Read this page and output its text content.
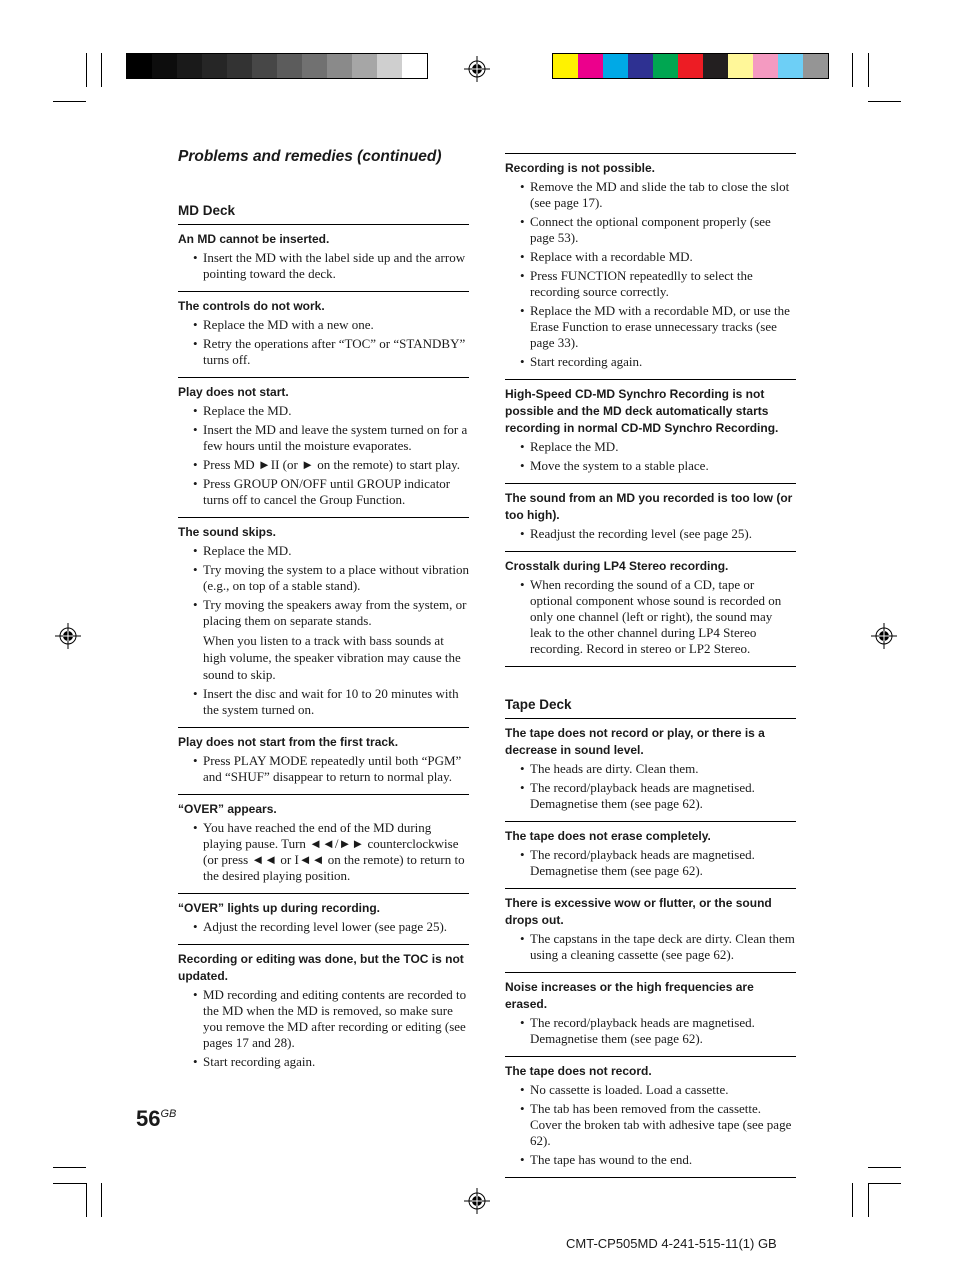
Problems and remedies (continued)
MD Deck
An MD cannot be inserted.
• Insert the MD with the label side up and the arrow pointing toward the deck.
The controls do not work.
• Replace the MD with a new one.
• Retry the operations after “TOC” or “STANDBY” turns off.
Play does not start.
• Replace the MD.
• Insert the MD and leave the system turned on for a few hours until the moisture evaporates.
• Press MD ►II (or ► on the remote) to start play.
• Press GROUP ON/OFF until GROUP indicator turns off to cancel the Group Function.
The sound skips.
• Replace the MD.
• Try moving the system to a place without vibration (e.g., on top of a stable stand).
• Try moving the speakers away from the system, or placing them on separate stands.
When you listen to a track with bass sounds at high volume, the speaker vibration may cause the sound to skip.
• Insert the disc and wait for 10 to 20 minutes with the system turned on.
Play does not start from the first track.
• Press PLAY MODE repeatedly until both “PGM” and “SHUF” disappear to return to normal play.
“OVER” appears.
• You have reached the end of the MD during playing pause. Turn ◄◄/►► counterclockwise (or press ◄◄ or I◄◄ on the remote) to return to the desired playing position.
“OVER” lights up during recording.
• Adjust the recording level lower (see page 25).
Recording or editing was done, but the TOC is not updated.
• MD recording and editing contents are recorded to the MD when the MD is removed, so make sure you remove the MD after recording or editing (see pages 17 and 28).
• Start recording again.
Recording is not possible.
• Remove the MD and slide the tab to close the slot (see page 17).
• Connect the optional component properly (see page 53).
• Replace with a recordable MD.
• Press FUNCTION repeatedlly to select the recording source correctly.
• Replace the MD with a recordable MD, or use the Erase Function to erase unnecessary tracks (see page 33).
• Start recording again.
High-Speed CD-MD Synchro Recording is not possible and the MD deck automatically starts recording in normal CD-MD Synchro Recording.
• Replace the MD.
• Move the system to a stable place.
The sound from an MD you recorded is too low (or too high).
• Readjust the recording level (see page 25).
Crosstalk during LP4 Stereo recording.
• When recording the sound of a CD, tape or optional component whose sound is recorded on only one channel (left or right), the sound may leak to the other channel during LP4 Stereo recording. Record in stereo or LP2 Stereo.
Tape Deck
The tape does not record or play, or there is a decrease in sound level.
• The heads are dirty. Clean them.
• The record/playback heads are magnetised. Demagnetise them (see page 62).
The tape does not erase completely.
• The record/playback heads are magnetised. Demagnetise them (see page 62).
There is excessive wow or flutter, or the sound drops out.
• The capstans in the tape deck are dirty. Clean them using a cleaning cassette (see page 62).
Noise increases or the high frequencies are erased.
• The record/playback heads are magnetised. Demagnetise them (see page 62).
The tape does not record.
• No cassette is loaded. Load a cassette.
• The tab has been removed from the cassette. Cover the broken tab with adhesive tape (see page 62).
• The tape has wound to the end.
$56^{GB}$
CMT-CP505MD 4-241-515-11(1) GB
